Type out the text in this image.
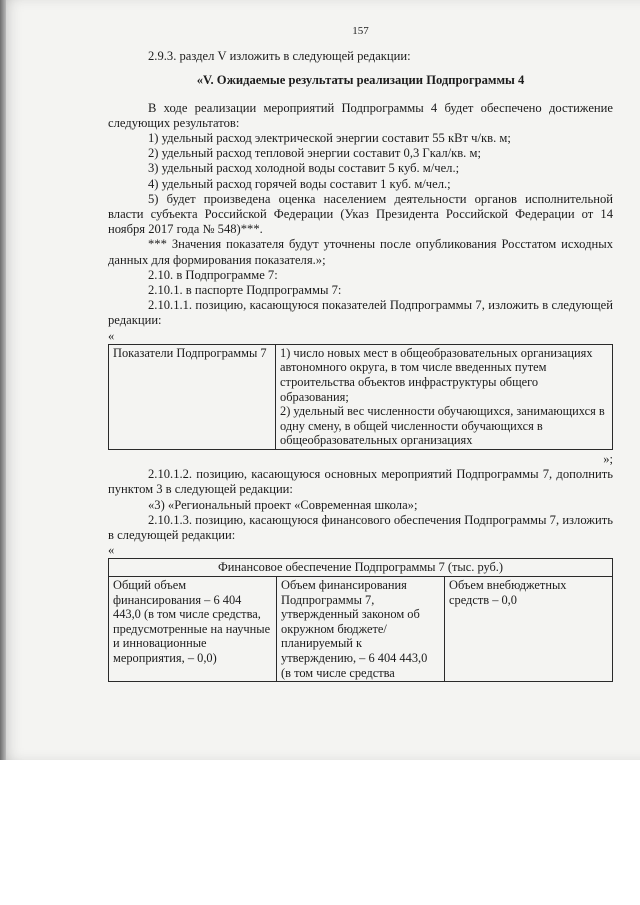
157

2.9.3. раздел V изложить в следующей редакции:

«V. Ожидаемые результаты реализации Подпрограммы 4

В ходе реализации мероприятий Подпрограммы 4 будет обеспечено достижение следующих результатов:

1) удельный расход электрической энергии составит 55 кВт ч/кв. м;

2) удельный расход тепловой энергии составит 0,3 Гкал/кв. м;

3) удельный расход холодной воды составит 5 куб. м/чел.;

4) удельный расход горячей воды составит 1 куб. м/чел.;

5) будет произведена оценка населением деятельности органов исполнительной власти субъекта Российской Федерации (Указ Президента Российской Федерации от 14 ноября 2017 года № 548)***.

*** Значения показателя будут уточнены после опубликования Росстатом исходных данных для формирования показателя.»;

2.10. в Подпрограмме 7:

2.10.1. в паспорте Подпрограммы 7:

2.10.1.1. позицию, касающуюся показателей Подпрограммы 7, изложить в следующей редакции:

«

Показатели Подпрограммы 7	1) число новых мест в общеобразовательных организациях автономного округа, в том числе введенных путем строительства объектов инфраструктуры общего образования;
2) удельный вес численности обучающихся, занимающихся в одну смену, в общей численности обучающихся в общеобразовательных организациях

»;

2.10.1.2. позицию, касающуюся основных мероприятий Подпрограммы 7, дополнить пунктом 3 в следующей редакции:

«3) «Региональный проект «Современная школа»;

2.10.1.3. позицию, касающуюся финансового обеспечения Подпрограммы 7, изложить в следующей редакции:

«

Финансовое обеспечение Подпрограммы 7 (тыс. руб.)
Общий объем финансирования – 6 404 443,0 (в том числе средства, предусмотренные на научные и инновационные мероприятия, – 0,0)	Объем финансирования Подпрограммы 7, утвержденный законом об окружном бюджете/ планируемый к утверждению, – 6 404 443,0 (в том числе средства	Объем внебюджетных средств – 0,0
